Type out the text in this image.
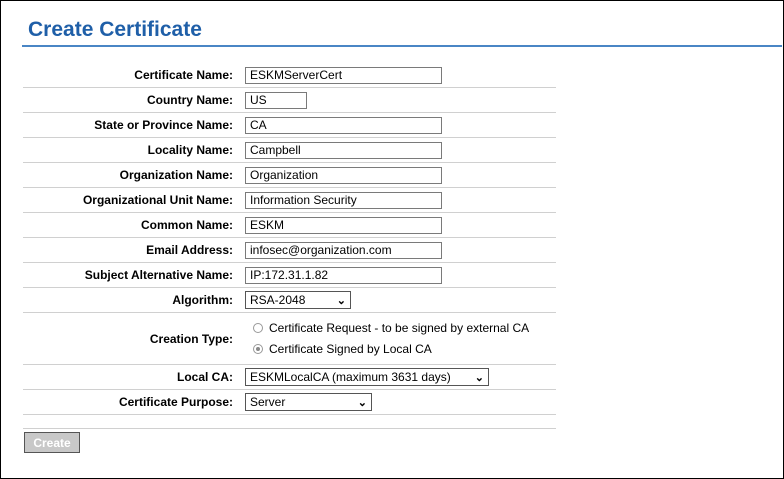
Create Certificate
Certificate Name:	ESKMServerCert
Country Name:	US
State or Province Name:	CA
Locality Name:	Campbell
Organization Name:	Organization
Organizational Unit Name:	Information Security
Common Name:	ESKM
Email Address:	infosec@organization.com
Subject Alternative Name:	IP:172.31.1.82
Algorithm:	RSA-2048	⌄
Creation Type:
Certificate Request - to be signed by external CA
Certificate Signed by Local CA
Local CA:	ESKMLocalCA (maximum 3631 days) ⌄
Certificate Purpose:	Server	⌄
Create
